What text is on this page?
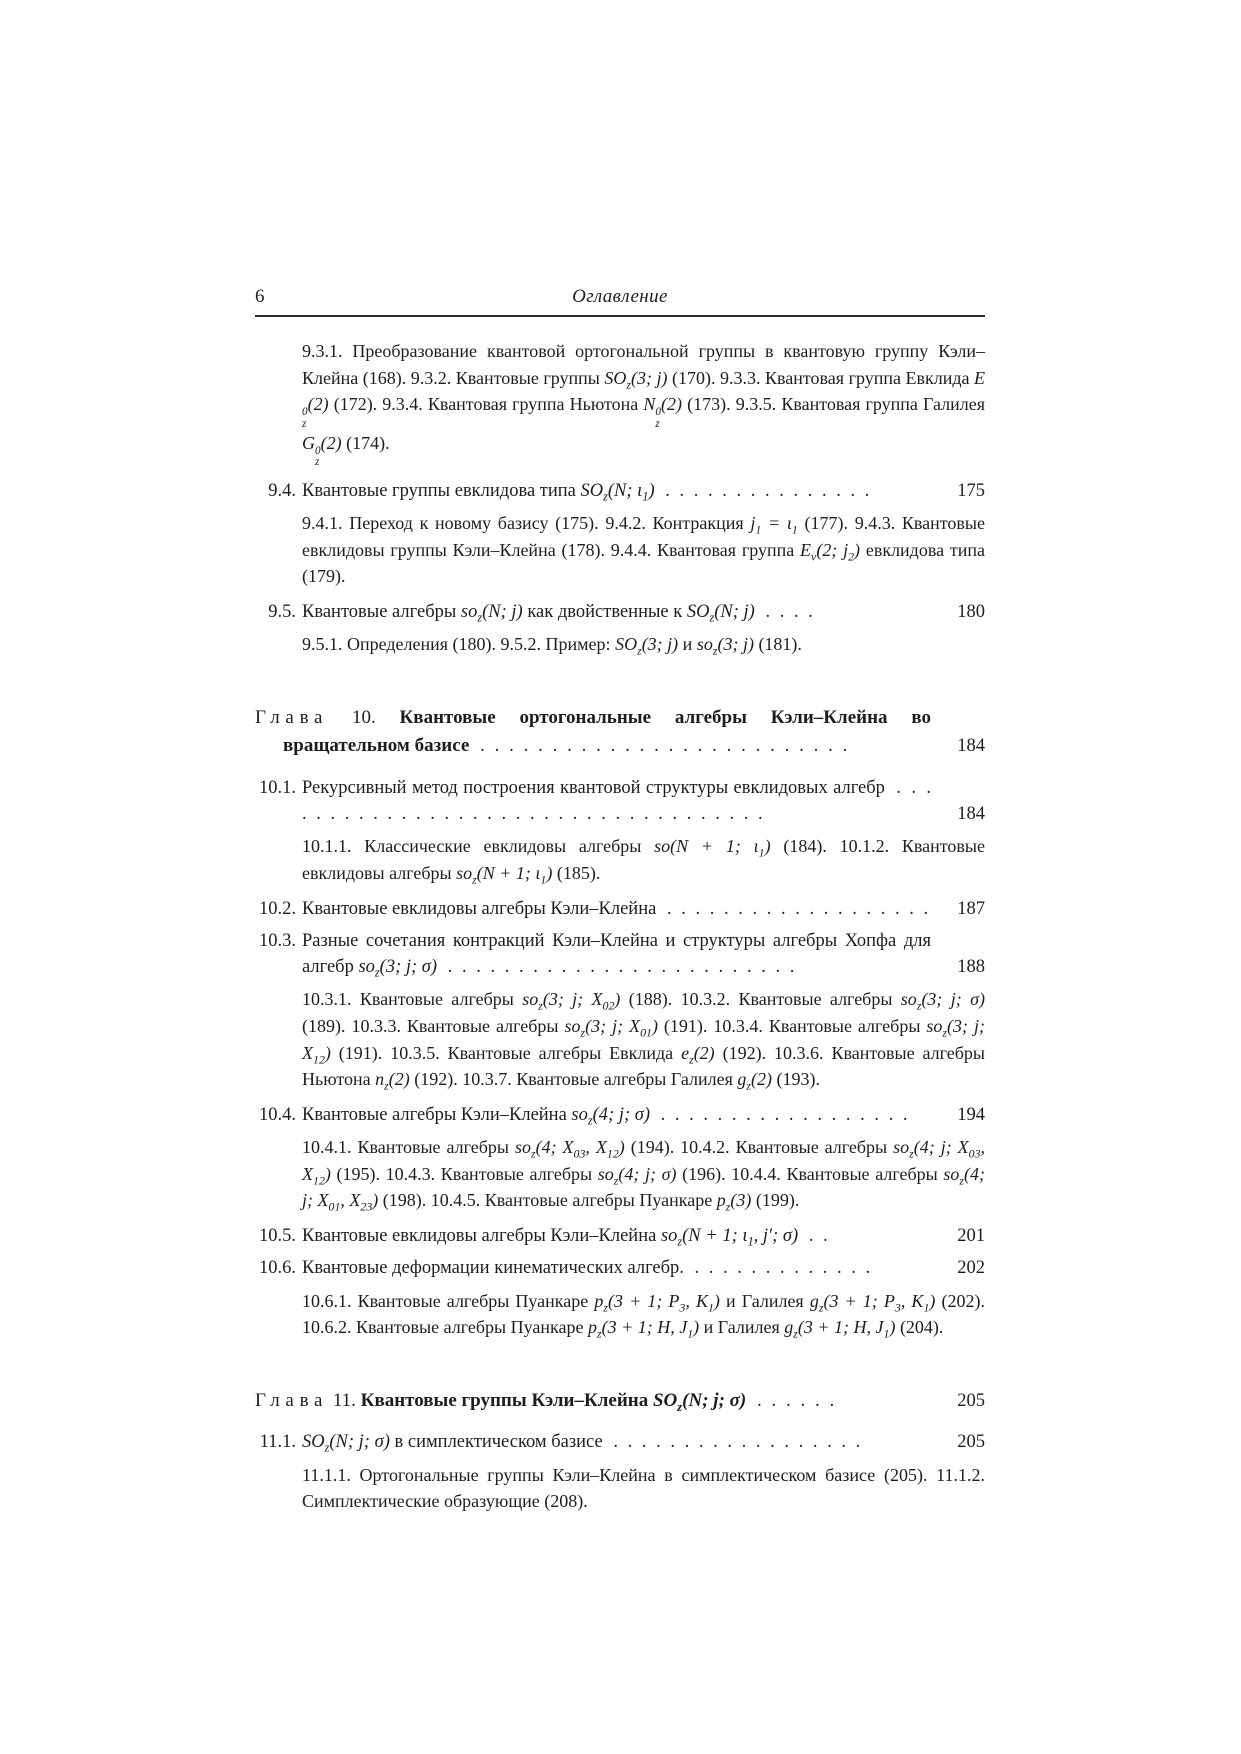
6	Оглавление

9.3.1. Преобразование квантовой ортогональной группы в квантовую группу Кэли–Клейна (168). 9.3.2. Квантовые группы $SO_z(3$; j) (170). 9.3.3. Квантовая группа Евклида E
0
z
(2) (172). 9.3.4. Квантовая группа Ньютона N 0
z
(2) (173). 9.3.5. Квантовая группа Галилея G 0
z
(2) (174).

9.4. Квантовые группы евклидова типа $SO_z(N$; $\iota_1$) . . . . . . . . . . . . . . .	175

9.4.1. Переход к новому базису (175). 9.4.2. Контракция $j_1 = \iota_1$ (177). 9.4.3. Квантовые евклидовы группы Кэли–Клейна (178). 9.4.4. Квантовая группа $E_v(2$; $j_2$) евклидова типа (179).

9.5. Квантовые алгебры $so_z(N$; j) как двойственные к $SO_z(N$; j) . . . .	180

9.5.1. Определения (180). 9.5.2. Пример: $SO_z(3$; j) и $so_z(3$; j) (181).

Глава 10. Квантовые ортогональные алгебры Кэли–Клейна во вращательном базисе . . . . . . . . . . . . . . . . . . . . . . . . . .	184

10.1. Рекурсивный метод построения квантовой структуры евклидовых алгебр . . . . . . . . . . . . . . . . . . . . . . . . . . . . . . . . . . . .	184

10.1.1. Классические евклидовы алгебры so(N + 1; $\iota_1$) (184). 10.1.2. Квантовые евклидовы алгебры $so_z(N + 1$; $\iota_1$) (185).

10.2. Квантовые евклидовы алгебры Кэли–Клейна . . . . . . . . . . . . . . . . . . .	187

10.3. Разные сочетания контракций Кэли–Клейна и структуры алгебры Хопфа для алгебр $so_z(3$; j; σ) . . . . . . . . . . . . . . . . . . . . . . . . .	188

10.3.1. Квантовые алгебры $so_z(3$; j; $X_{02}$) (188). 10.3.2. Квантовые алгебры $so_z(3$; j; σ) (189). 10.3.3. Квантовые алгебры $so_z(3$; j; $X_{01}$) (191). 10.3.4. Квантовые алгебры $so_z(3$; j; $X_{12}$) (191). 10.3.5. Квантовые алгебры Евклида $e_z(2)$ (192). 10.3.6. Квантовые алгебры Ньютона $n_z(2)$ (192). 10.3.7. Квантовые алгебры Галилея $g_z(2)$ (193).

10.4. Квантовые алгебры Кэли–Клейна $so_z(4$; j; σ) . . . . . . . . . . . . . . . . . .	194

10.4.1. Квантовые алгебры $so_z(4$; $X_{03}$, $X_{12}$) (194). 10.4.2. Квантовые алгебры $so_z(4$; j; $X_{03}$, $X_{12}$) (195). 10.4.3. Квантовые алгебры $so_z(4$; j; σ) (196). 10.4.4. Квантовые алгебры $so_z(4$; j; $X_{01}$, $X_{23}$) (198). 10.4.5. Квантовые алгебры Пуанкаре $p_z(3)$ (199).

10.5. Квантовые евклидовы алгебры Кэли–Клейна $so_z(N + 1$; $\iota_1$, j′; σ) . .	201

10.6. Квантовые деформации кинематических алгебр. . . . . . . . . . . . . .	202

10.6.1. Квантовые алгебры Пуанкаре $p_z(3 + 1$; $P_3$, $K_1$) и Галилея $g_z(3 + 1$; $P_3$, $K_1$) (202). 10.6.2. Квантовые алгебры Пуанкаре $p_z(3 + 1$; H, $J_1$) и Галилея $g_z(3 + 1$; H, $J_1$) (204).

Глава 11. Квантовые группы Кэли–Клейна $SO_z(N$; j; σ) . . . . . .	205

11.1. $SO_z(N$; j; σ) в симплектическом базисе . . . . . . . . . . . . . . . . . .	205

11.1.1. Ортогональные группы Кэли–Клейна в симплектическом базисе (205). 11.1.2. Симплектические образующие (208).
